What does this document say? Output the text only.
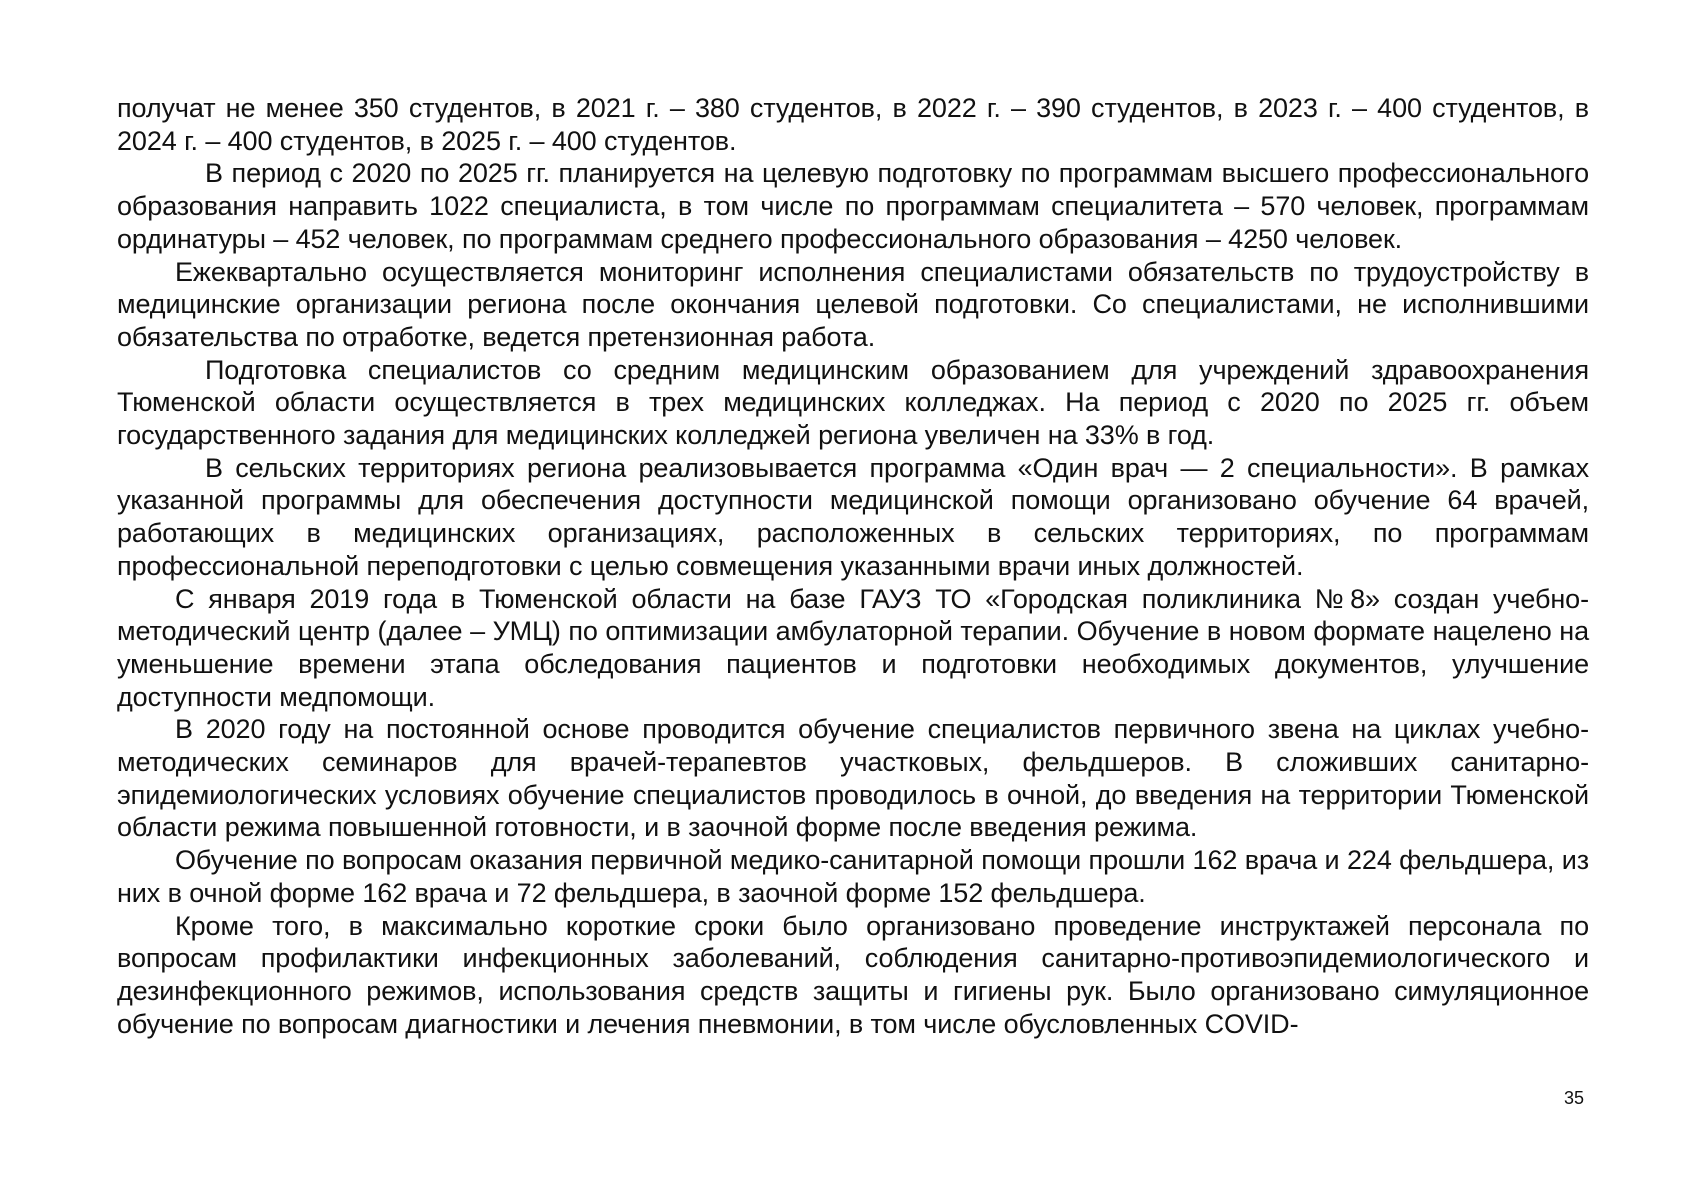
получат не менее 350 студентов, в 2021 г. – 380 студентов, в 2022 г. – 390 студентов, в 2023 г. – 400 студентов, в 2024 г. – 400 студентов, в 2025 г. – 400 студентов.

В период с 2020 по 2025 гг. планируется на целевую подготовку по программам высшего профессионального образования направить 1022 специалиста, в том числе по программам специалитета – 570 человек, программам ординатуры – 452 человек, по программам среднего профессионального образования – 4250 человек.

Ежеквартально осуществляется мониторинг исполнения специалистами обязательств по трудоустройству в медицинские организации региона после окончания целевой подготовки. Со специалистами, не исполнившими обязательства по отработке, ведется претензионная работа.

Подготовка специалистов со средним медицинским образованием для учреждений здравоохранения Тюменской области осуществляется в трех медицинских колледжах. На период с 2020 по 2025 гг. объем государственного задания для медицинских колледжей региона увеличен на 33% в год.

В сельских территориях региона реализовывается программа «Один врач — 2 специальности». В рамках указанной программы для обеспечения доступности медицинской помощи организовано обучение 64 врачей, работающих в медицинских организациях, расположенных в сельских территориях, по программам профессиональной переподготовки с целью совмещения указанными врачи иных должностей.

С января 2019 года в Тюменской области на базе ГАУЗ ТО «Городская поликлиника №8» создан учебно-методический центр (далее – УМЦ) по оптимизации амбулаторной терапии. Обучение в новом формате нацелено на уменьшение времени этапа обследования пациентов и подготовки необходимых документов, улучшение доступности медпомощи.

В 2020 году на постоянной основе проводится обучение специалистов первичного звена на циклах учебно-методических семинаров для врачей-терапевтов участковых, фельдшеров. В сложивших санитарно-эпидемиологических условиях обучение специалистов проводилось в очной, до введения на территории Тюменской области режима повышенной готовности, и в заочной форме после введения режима.

Обучение по вопросам оказания первичной медико-санитарной помощи прошли 162 врача и 224 фельдшера, из них в очной форме 162 врача и 72 фельдшера, в заочной форме 152 фельдшера.

Кроме того, в максимально короткие сроки было организовано проведение инструктажей персонала по вопросам профилактики инфекционных заболеваний, соблюдения санитарно-противоэпидемиологического и дезинфекционного режимов, использования средств защиты и гигиены рук. Было организовано симуляционное обучение по вопросам диагностики и лечения пневмонии, в том числе обусловленных COVID-

35
